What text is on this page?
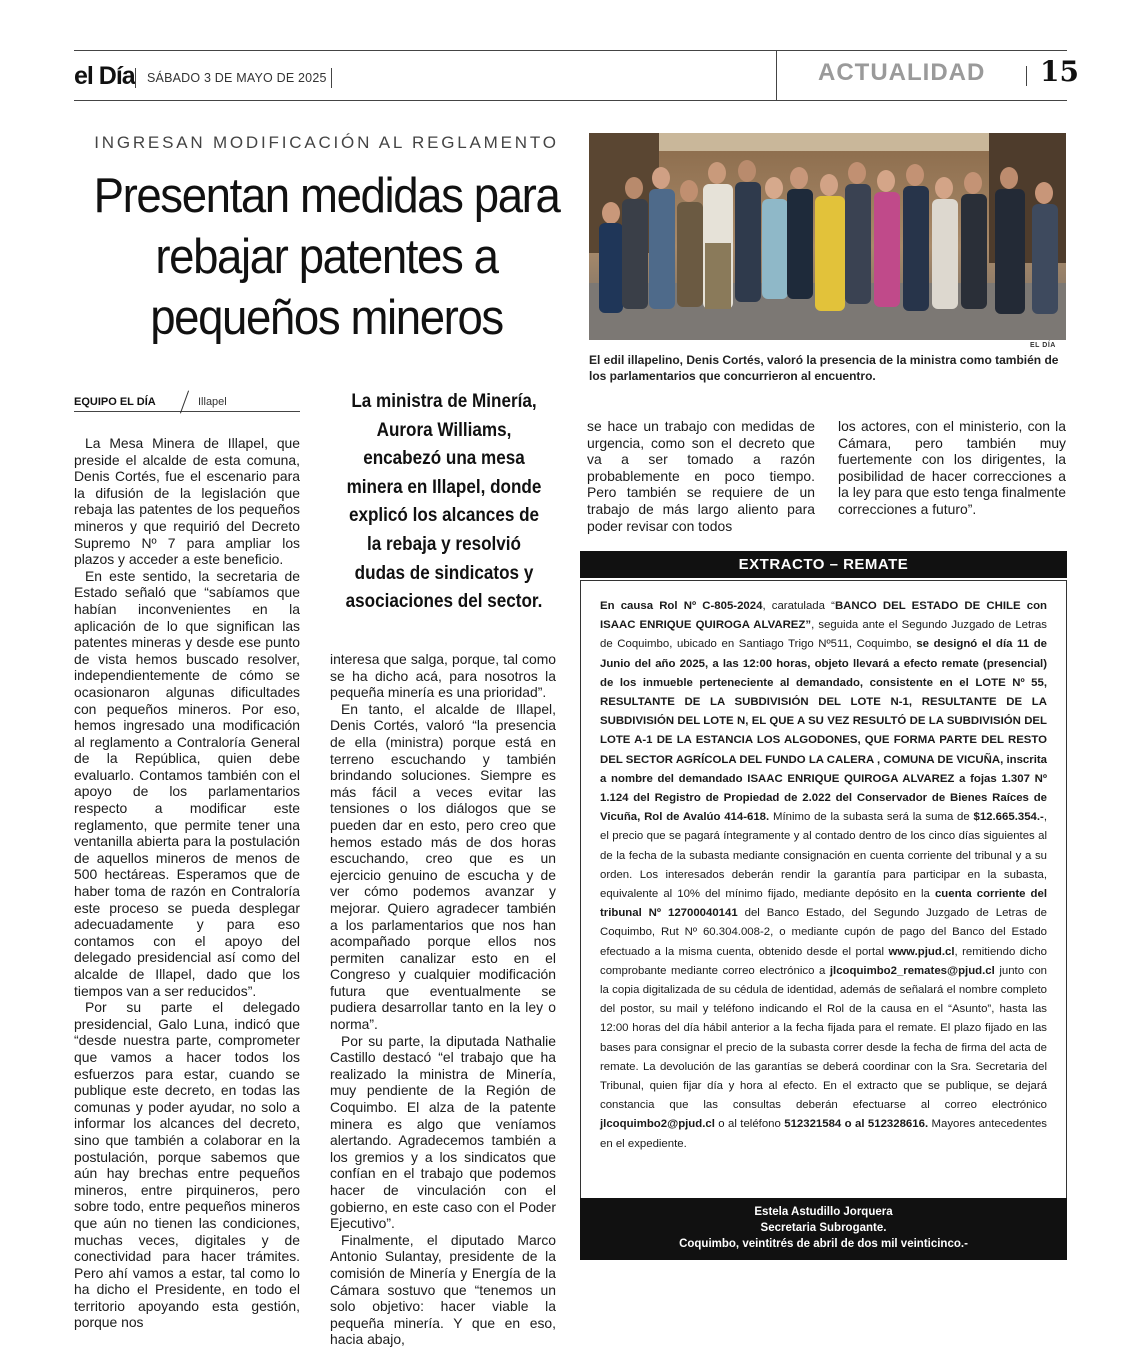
el Día SÁBADO 3 DE MAYO DE 2025	ACTUALIDAD 15
INGRESAN MODIFICACIÓN AL REGLAMENTO
Presentan medidas para rebajar patentes a pequeños mineros
EQUIPO EL DÍA	Illapel	La ministra de Minería, Aurora Williams, encabezó una mesa minera en Illapel, donde explicó los alcances de la rebaja y resolvió dudas de sindicatos y asociaciones del sector.

La Mesa Minera de Illapel, que preside el alcalde de esta comuna, Denis Cortés, fue el escenario para la difusión de la legislación que rebaja las patentes de los pequeños mineros y que requirió del Decreto Supremo Nº 7 para ampliar los plazos y acceder a este beneficio.

En este sentido, la secretaria de Estado señaló que “sabíamos que habían inconvenientes en la aplicación de lo que significan las patentes mineras y desde ese punto de vista hemos buscado resolver, independientemente de cómo se ocasionaron algunas dificultades con pequeños mineros. Por eso, hemos ingresado una modificación al reglamento a Contraloría General de la República, quien debe evaluarlo. Contamos también con el apoyo de los parlamentarios respecto a modificar este reglamento, que permite tener una ventanilla abierta para la postulación de aquellos mineros de menos de 500 hectáreas. Esperamos que de haber toma de razón en Contraloría este proceso se pueda desplegar adecuadamente y para eso contamos con el apoyo del delegado presidencial así como del alcalde de Illapel, dado que los tiempos van a ser reducidos”.

Por su parte el delegado presidencial, Galo Luna, indicó que “desde nuestra parte, comprometer que vamos a hacer todos los esfuerzos para estar, cuando se publique este decreto, en todas las comunas y poder ayudar, no solo a informar los alcances del decreto, sino que también a colaborar en la postulación, porque sabemos que aún hay brechas entre pequeños mineros, entre pirquineros, pero sobre todo, entre pequeños mineros que aún no tienen las condiciones, muchas veces, digitales y de conectividad para hacer trámites. Pero ahí vamos a estar, tal como lo ha dicho el Presidente, en todo el territorio apoyando esta gestión, porque nos

interesa que salga, porque, tal como se ha dicho acá, para nosotros la pequeña minería es una prioridad”.

En tanto, el alcalde de Illapel, Denis Cortés, valoró “la presencia de ella (ministra) porque está en terreno escuchando y también brindando soluciones. Siempre es más fácil a veces evitar las tensiones o los diálogos que se pueden dar en esto, pero creo que hemos estado más de dos horas escuchando, creo que es un ejercicio genuino de escucha y de ver cómo podemos avanzar y mejorar. Quiero agradecer también a los parlamentarios que nos han acompañado porque ellos nos permiten canalizar esto en el Congreso y cualquier modificación futura que eventualmente se pudiera desarrollar tanto en la ley o norma”.

Por su parte, la diputada Nathalie Castillo destacó “el trabajo que ha realizado la ministra de Minería, muy pendiente de la Región de Coquimbo. El alza de la patente minera es algo que veníamos alertando. Agradecemos también a los gremios y a los sindicatos que confían en el trabajo que podemos hacer de vinculación con el gobierno, en este caso con el Poder Ejecutivo”.

Finalmente, el diputado Marco Antonio Sulantay, presidente de la comisión de Minería y Energía de la Cámara sostuvo que “tenemos un solo objetivo: hacer viable la pequeña minería. Y que en eso, hacia abajo,

se hace un trabajo con medidas de urgencia, como son el decreto que va a ser tomado a razón probablemente en poco tiempo. Pero también se requiere de un trabajo de más largo aliento para poder revisar con todos

los actores, con el ministerio, con la Cámara, pero también muy fuertemente con los dirigentes, la posibilidad de hacer correcciones a la ley para que esto tenga finalmente correcciones a futuro”.

EL DÍA
El edil illapelino, Denis Cortés, valoró la presencia de la ministra como también de los parlamentarios que concurrieron al encuentro.
EXTRACTO – REMATE
En causa Rol Nº C-805-2024, caratulada “BANCO DEL ESTADO DE CHILE con ISAAC ENRIQUE QUIROGA ALVAREZ”, seguida ante el Segundo Juzgado de Letras de Coquimbo, ubicado en Santiago Trigo Nº511, Coquimbo, se designó el día 11 de Junio del año 2025, a las 12:00 horas, objeto llevará a efecto remate (presencial) de los inmueble perteneciente al demandado, consistente en el LOTE Nº 55, RESULTANTE DE LA SUBDIVISIÓN DEL LOTE N-1, RESULTANTE DE LA SUBDIVISIÓN DEL LOTE N, EL QUE A SU VEZ RESULTÓ DE LA SUBDIVISIÓN DEL LOTE A-1 DE LA ESTANCIA LOS ALGODONES, QUE FORMA PARTE DEL RESTO DEL SECTOR AGRÍCOLA DEL FUNDO LA CALERA , COMUNA DE VICUÑA, inscrita a nombre del demandado ISAAC ENRIQUE QUIROGA ALVAREZ a fojas 1.307 Nº 1.124 del Registro de Propiedad de 2.022 del Conservador de Bienes Raíces de Vicuña, Rol de Avalúo 414-618. Mínimo de la subasta será la suma de $12.665.354.-, el precio que se pagará íntegramente y al contado dentro de los cinco días siguientes al de la fecha de la subasta mediante consignación en cuenta corriente del tribunal y a su orden. Los interesados deberán rendir la garantía para participar en la subasta, equivalente al 10% del mínimo fijado, mediante depósito en la cuenta corriente del tribunal Nº 12700040141 del Banco Estado, del Segundo Juzgado de Letras de Coquimbo, Rut Nº 60.304.008-2, o mediante cupón de pago del Banco del Estado efectuado a la misma cuenta, obtenido desde el portal www.pjud.cl, remitiendo dicho comprobante mediante correo electrónico a jlcoquimbo2_remates@pjud.cl junto con la copia digitalizada de su cédula de identidad, además de señalará el nombre completo del postor, su mail y teléfono indicando el Rol de la causa en el “Asunto”, hasta las 12:00 horas del día hábil anterior a la fecha fijada para el remate. El plazo fijado en las bases para consignar el precio de la subasta correr desde la fecha de firma del acta de remate. La devolución de las garantías se deberá coordinar con la Sra. Secretaria del Tribunal, quien fijar día y hora al efecto. En el extracto que se publique, se dejará constancia que las consultas deberán efectuarse al correo electrónico jlcoquimbo2@pjud.cl o al teléfono 512321584 o al 512328616. Mayores antecedentes en el expediente.
Estela Astudillo Jorquera
Secretaria Subrogante.
Coquimbo, veintitrés de abril de dos mil veinticinco.-
